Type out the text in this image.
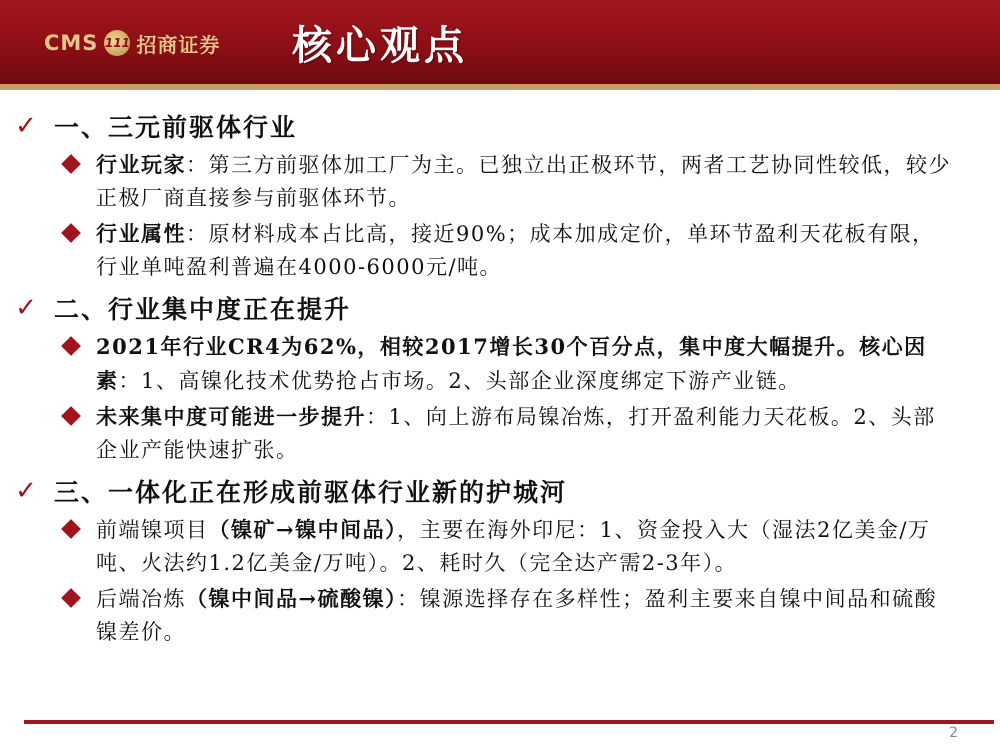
CMS 111 招商证券 核心观点
✓ 一、三元前驱体行业
行业玩家：第三方前驱体加工厂为主。已独立出正极环节，两者工艺协同性较低，较少正极厂商直接参与前驱体环节。
行业属性：原材料成本占比高，接近90%；成本加成定价，单环节盈利天花板有限，行业单吨盈利普遍在4000-6000元/吨。
✓ 二、行业集中度正在提升
2021年行业CR4为62%，相较2017增长30个百分点，集中度大幅提升。核心因素：1、高镍化技术优势抢占市场。2、头部企业深度绑定下游产业链。
未来集中度可能进一步提升：1、向上游布局镍冶炼，打开盈利能力天花板。2、头部企业产能快速扩张。
✓ 三、一体化正在形成前驱体行业新的护城河
前端镍项目（镍矿→镍中间品），主要在海外印尼：1、资金投入大（湿法2亿美金/万吨、火法约1.2亿美金/万吨）。2、耗时久（完全达产需2-3年）。
后端冶炼（镍中间品→硫酸镍）：镍源选择存在多样性；盈利主要来自镍中间品和硫酸镍差价。
2
